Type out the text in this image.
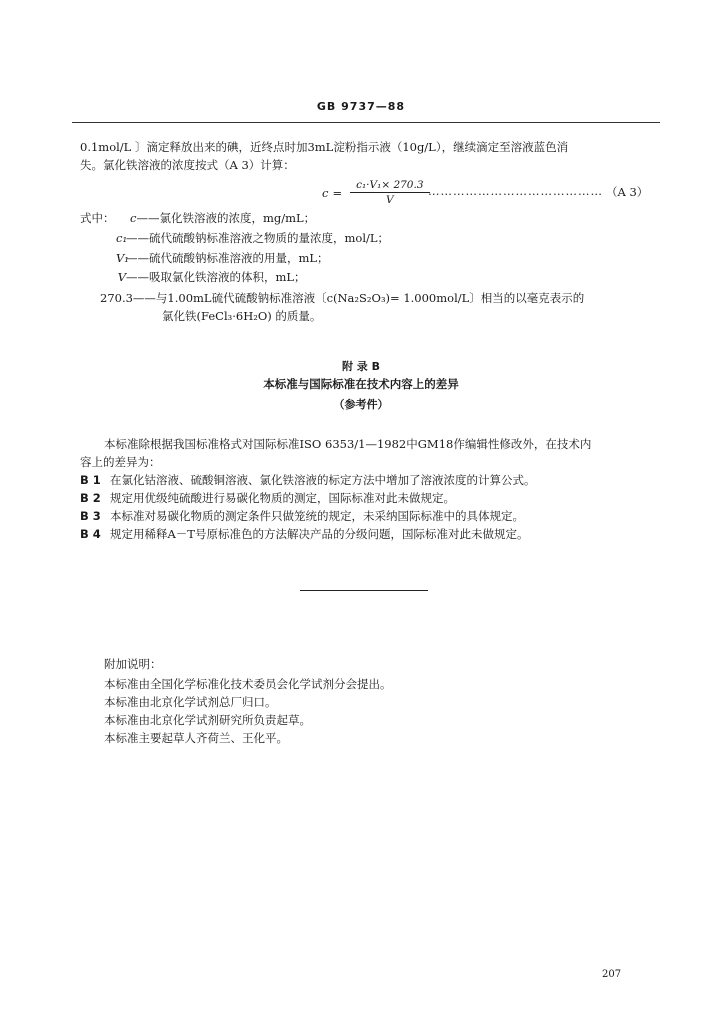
GB 9737—88
0.1mol/L 〕滴定释放出来的碘，近终点时加3mL淀粉指示液（10g/L），继续滴定至溶液蓝色消
失。氯化铁溶液的浓度按式（A 3）计算：
$c = \frac{\text{c₁·V₁× 270.3}}{V}$
…………………………………… （A 3）
式中： c——氯化铁溶液的浓度，mg/mL；
c₁——硫代硫酸钠标准溶液之物质的量浓度，mol/L；
V₁——硫代硫酸钠标准溶液的用量，mL；
V——吸取氯化铁溶液的体积，mL；
270.3——与1.00mL硫代硫酸钠标准溶液〔c(Na₂S₂O₃)= 1.000mol/L〕相当的以毫克表示的
氯化铁(FeCl₃·6H₂O) 的质量。
附 录 B
本标准与国际标准在技术内容上的差异
（参考件）
本标准除根据我国标准格式对国际标准ISO 6353/1—1982中GM18作编辑性修改外，在技术内
容上的差异为：
B 1 在氯化钴溶液、硫酸铜溶液、氯化铁溶液的标定方法中增加了溶液浓度的计算公式。
B 2 规定用优级纯硫酸进行易碳化物质的测定，国际标准对此未做规定。
B 3 本标准对易碳化物质的测定条件只做笼统的规定，未采纳国际标准中的具体规定。
B 4 规定用稀释A－T号原标准色的方法解决产品的分级问题，国际标准对此未做规定。
附加说明：
本标准由全国化学标准化技术委员会化学试剂分会提出。
本标准由北京化学试剂总厂归口。
本标准由北京化学试剂研究所负责起草。
本标准主要起草人齐荷兰、王化平。
207
